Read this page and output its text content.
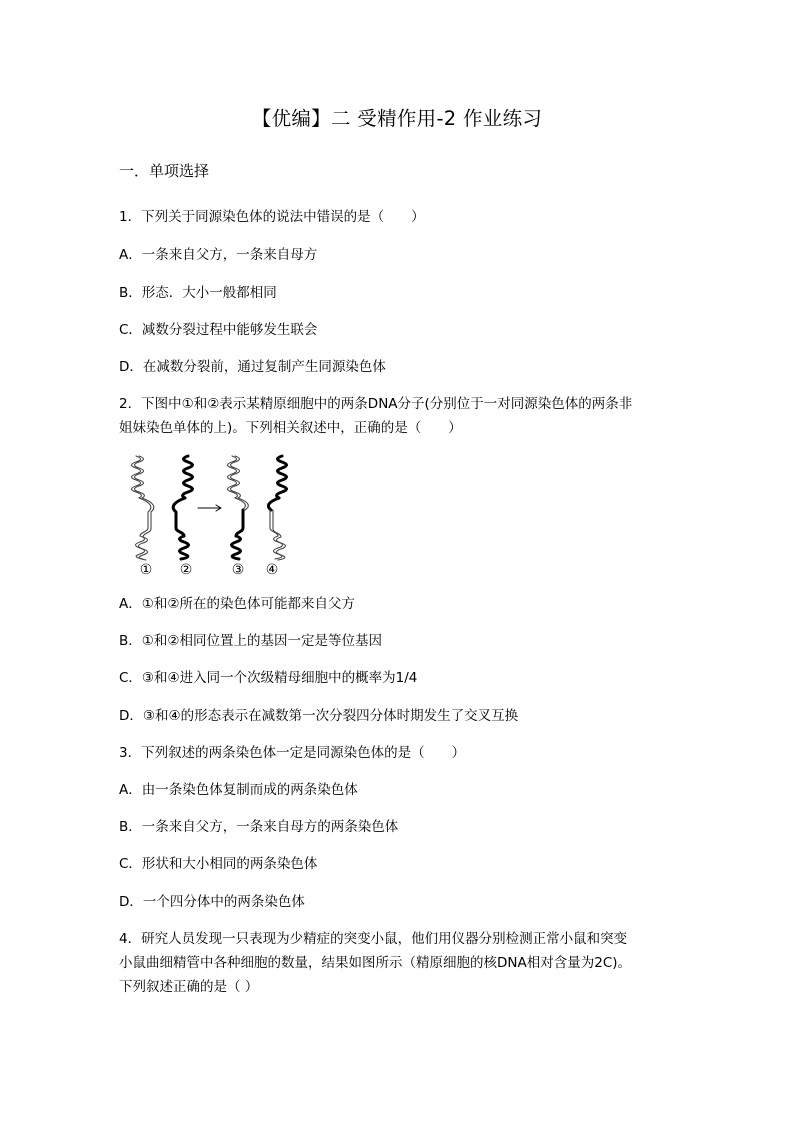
【优编】二 受精作用-2 作业练习
一．单项选择
1．下列关于同源染色体的说法中错误的是（　　）
A．一条来自父方，一条来自母方
B．形态．大小一般都相同
C．减数分裂过程中能够发生联会
D．在减数分裂前，通过复制产生同源染色体
2．下图中①和②表示某精原细胞中的两条DNA分子(分别位于一对同源染色体的两条非
姐妹染色单体的上)。下列相关叙述中，正确的是（　　）
① ②	③ ④
A．①和②所在的染色体可能都来自父方
B．①和②相同位置上的基因一定是等位基因
C．③和④进入同一个次级精母细胞中的概率为1/4
D．③和④的形态表示在减数第一次分裂四分体时期发生了交叉互换
3．下列叙述的两条染色体一定是同源染色体的是（　　）
A．由一条染色体复制而成的两条染色体
B．一条来自父方，一条来自母方的两条染色体
C．形状和大小相同的两条染色体
D．一个四分体中的两条染色体
4．研究人员发现一只表现为少精症的突变小鼠，他们用仪器分别检测正常小鼠和突变
小鼠曲细精管中各种细胞的数量，结果如图所示（精原细胞的核DNA相对含量为2C)。
下列叙述正确的是（ ）
